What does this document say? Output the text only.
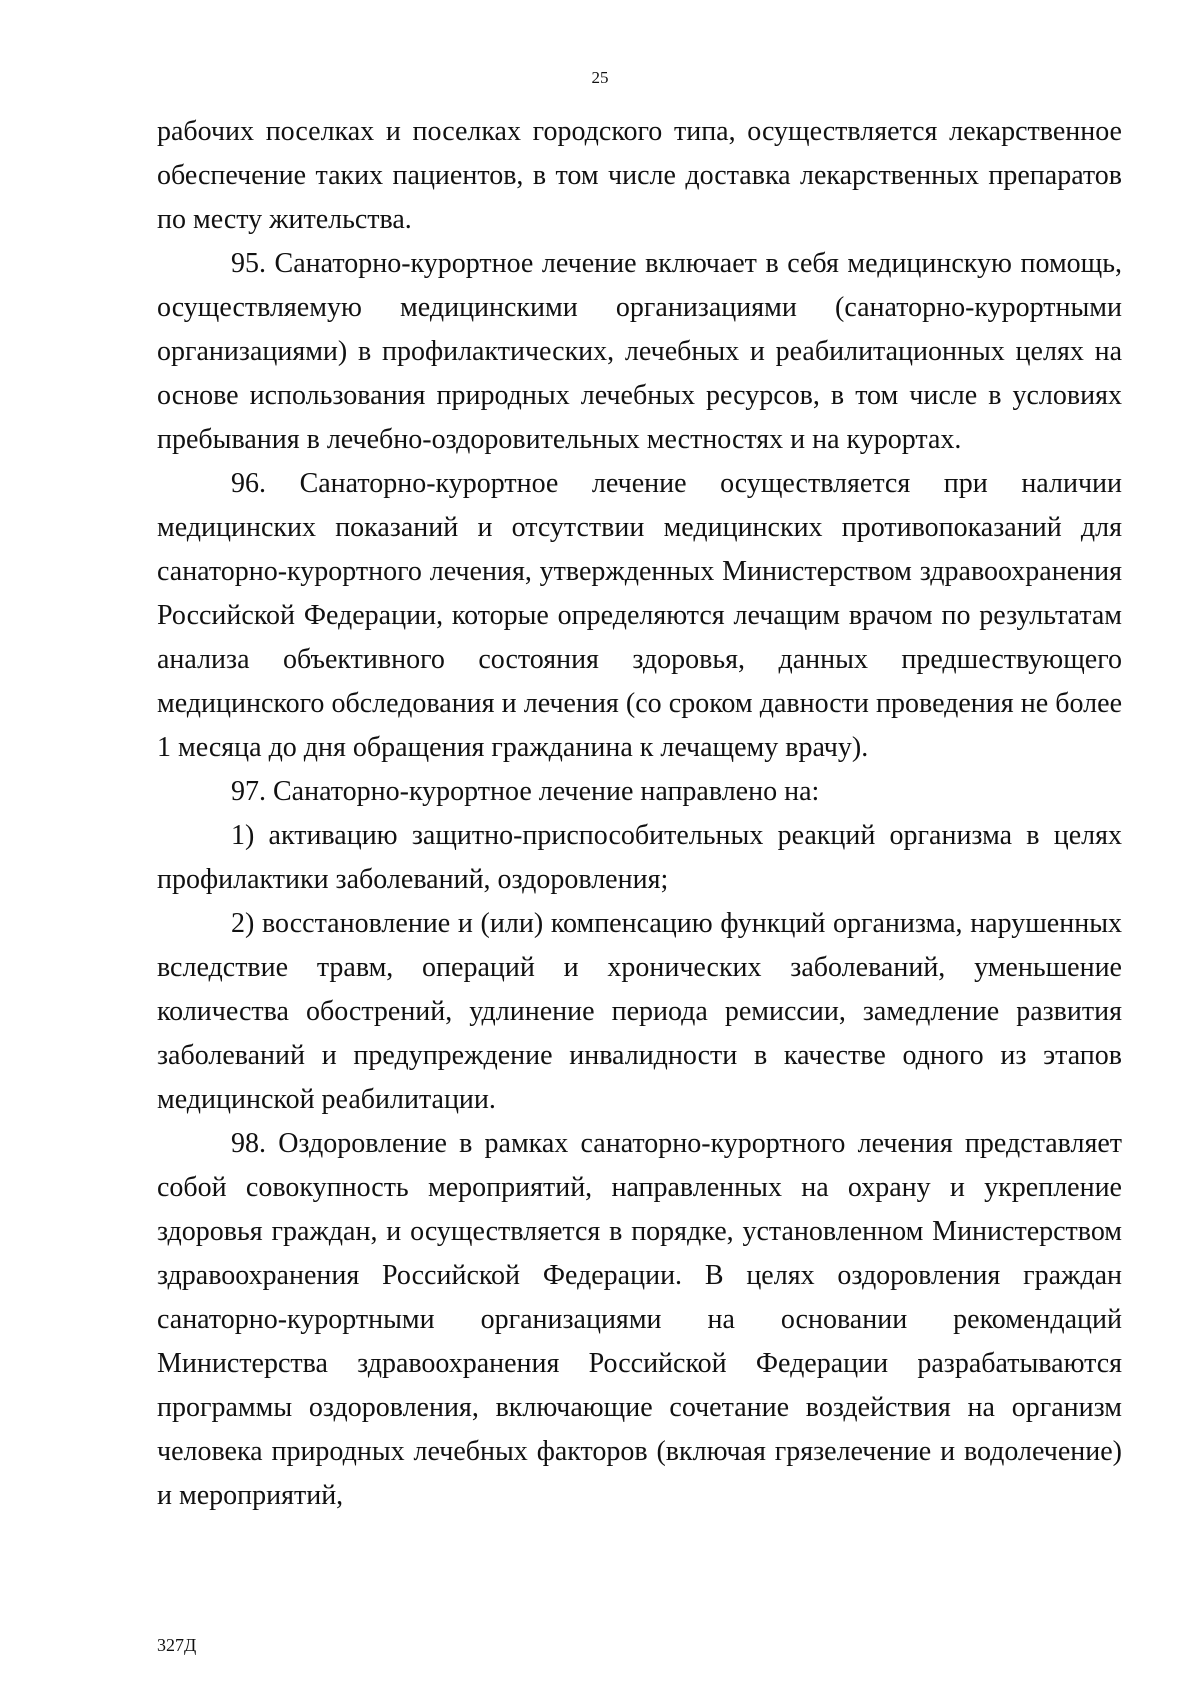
25

рабочих поселках и поселках городского типа, осуществляется лекарственное обеспечение таких пациентов, в том числе доставка лекарственных препаратов по месту жительства.

95. Санаторно-курортное лечение включает в себя медицинскую помощь, осуществляемую медицинскими организациями (санаторно-курортными организациями) в профилактических, лечебных и реабилитационных целях на основе использования природных лечебных ресурсов, в том числе в условиях пребывания в лечебно-оздоровительных местностях и на курортах.

96. Санаторно-курортное лечение осуществляется при наличии медицинских показаний и отсутствии медицинских противопоказаний для санаторно-курортного лечения, утвержденных Министерством здравоохранения Российской Федерации, которые определяются лечащим врачом по результатам анализа объективного состояния здоровья, данных предшествующего медицинского обследования и лечения (со сроком давности проведения не более 1 месяца до дня обращения гражданина к лечащему врачу).

97. Санаторно-курортное лечение направлено на:

1) активацию защитно-приспособительных реакций организма в целях профилактики заболеваний, оздоровления;

2) восстановление и (или) компенсацию функций организма, нарушенных вследствие травм, операций и хронических заболеваний, уменьшение количества обострений, удлинение периода ремиссии, замедление развития заболеваний и предупреждение инвалидности в качестве одного из этапов медицинской реабилитации.

98. Оздоровление в рамках санаторно-курортного лечения представляет собой совокупность мероприятий, направленных на охрану и укрепление здоровья граждан, и осуществляется в порядке, установленном Министерством здравоохранения Российской Федерации. В целях оздоровления граждан санаторно-курортными организациями на основании рекомендаций Министерства здравоохранения Российской Федерации разрабатываются программы оздоровления, включающие сочетание воздействия на организм человека природных лечебных факторов (включая грязелечение и водолечение) и мероприятий,

327Д
